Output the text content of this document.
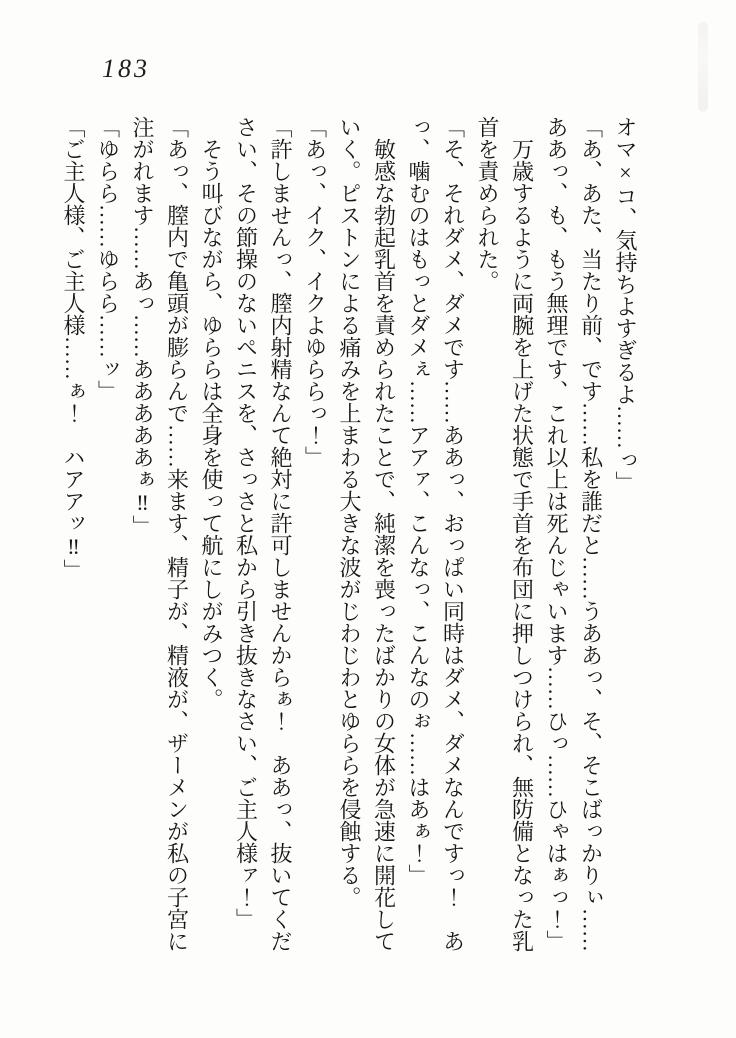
183

オマ×コ、気持ちよすぎるよ……っ」

「あ、あた、当たり前、です……私を誰だと……うああっ、そ、そこばっかりぃ……

ああっ、も、もう無理です、これ以上は死んじゃいます……ひっ……ひゃはぁっ！」

　万歳するように両腕を上げた状態で手首を布団に押しつけられ、無防備となった乳

首を責められた。

「そ、それダメ、ダメです……ああっ、おっぱい同時はダメ、ダメなんですっ！　あ

っ、噛むのはもっとダメぇ……アアァ、こんなっ、こんなのぉ……はあぁ！」

　敏感な勃起乳首を責められたことで、純潔を喪ったばかりの女体が急速に開花して

いく。ピストンによる痛みを上まわる大きな波がじわじわとゆららを侵蝕する。

「あっ、イク、イクよゆららっ！」

「許しませんっ、膣内射精なんて絶対に許可しませんからぁ！　ああっ、抜いてくだ

さい、その節操のないペニスを、さっさと私から引き抜きなさい、ご主人様ァ！」

　そう叫びながら、ゆららは全身を使って航にしがみつく。

「あっ、膣内で亀頭が膨らんで……来ます、精子が、精液が、ザーメンが私の子宮に

注がれます……あっ……あああああぁ‼」

「ゆらら……ゆらら……ッ」

「ご主人様、ご主人様……ぁ！　ハアアッ‼」
